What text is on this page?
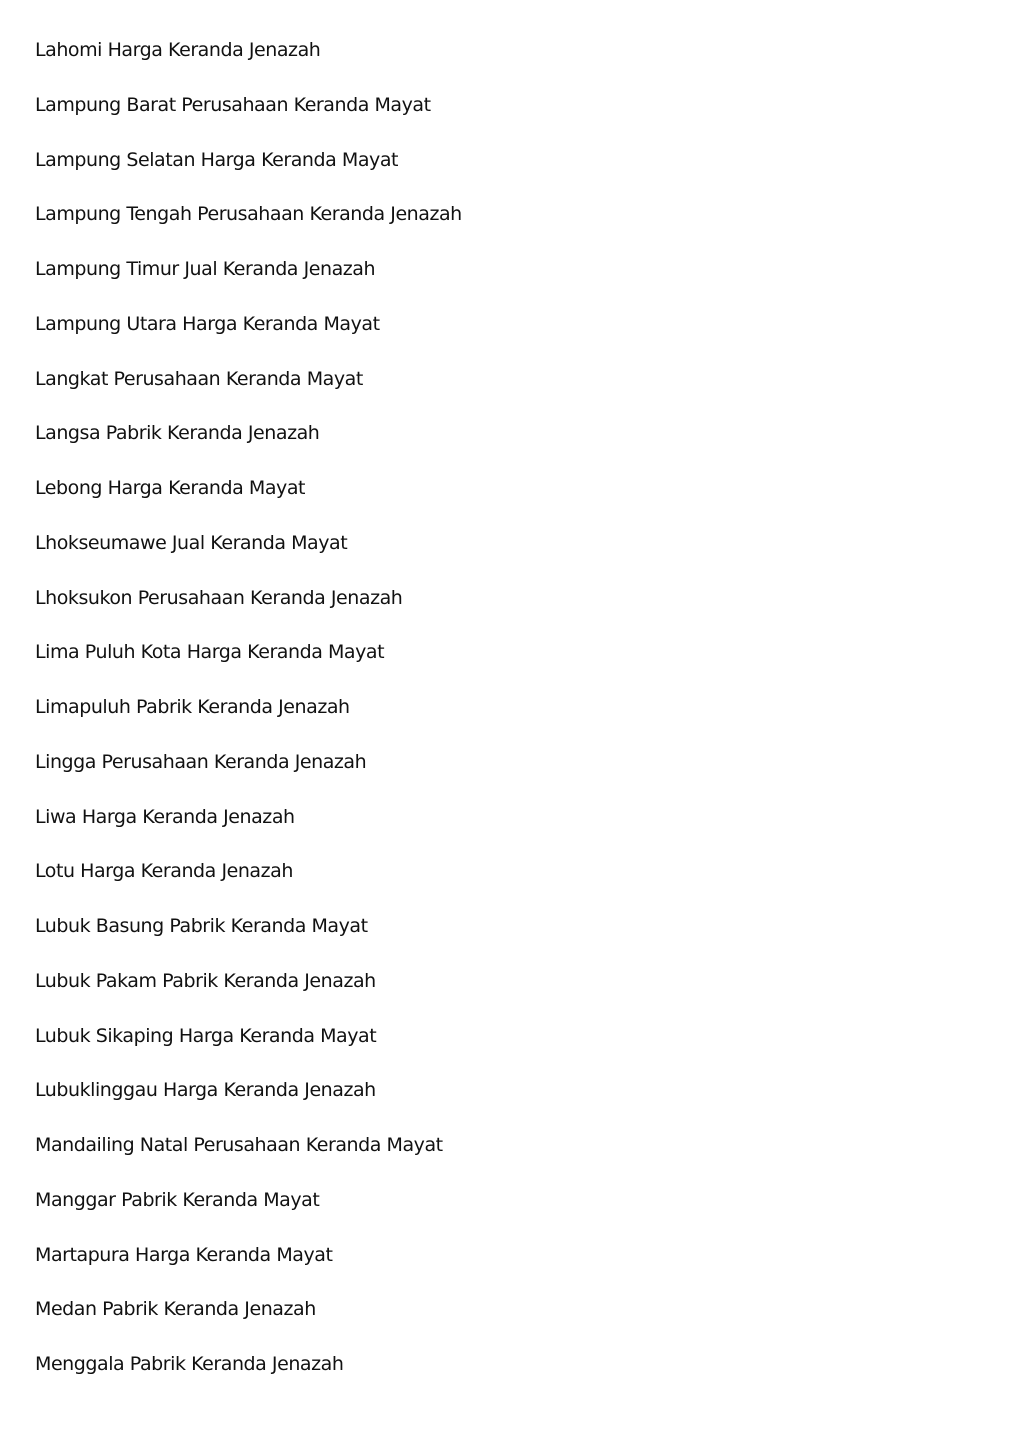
Lahomi Harga Keranda Jenazah
Lampung Barat Perusahaan Keranda Mayat
Lampung Selatan Harga Keranda Mayat
Lampung Tengah Perusahaan Keranda Jenazah
Lampung Timur Jual Keranda Jenazah
Lampung Utara Harga Keranda Mayat
Langkat Perusahaan Keranda Mayat
Langsa Pabrik Keranda Jenazah
Lebong Harga Keranda Mayat
Lhokseumawe Jual Keranda Mayat
Lhoksukon Perusahaan Keranda Jenazah
Lima Puluh Kota Harga Keranda Mayat
Limapuluh Pabrik Keranda Jenazah
Lingga Perusahaan Keranda Jenazah
Liwa Harga Keranda Jenazah
Lotu Harga Keranda Jenazah
Lubuk Basung Pabrik Keranda Mayat
Lubuk Pakam Pabrik Keranda Jenazah
Lubuk Sikaping Harga Keranda Mayat
Lubuklinggau Harga Keranda Jenazah
Mandailing Natal Perusahaan Keranda Mayat
Manggar Pabrik Keranda Mayat
Martapura Harga Keranda Mayat
Medan Pabrik Keranda Jenazah
Menggala Pabrik Keranda Jenazah
